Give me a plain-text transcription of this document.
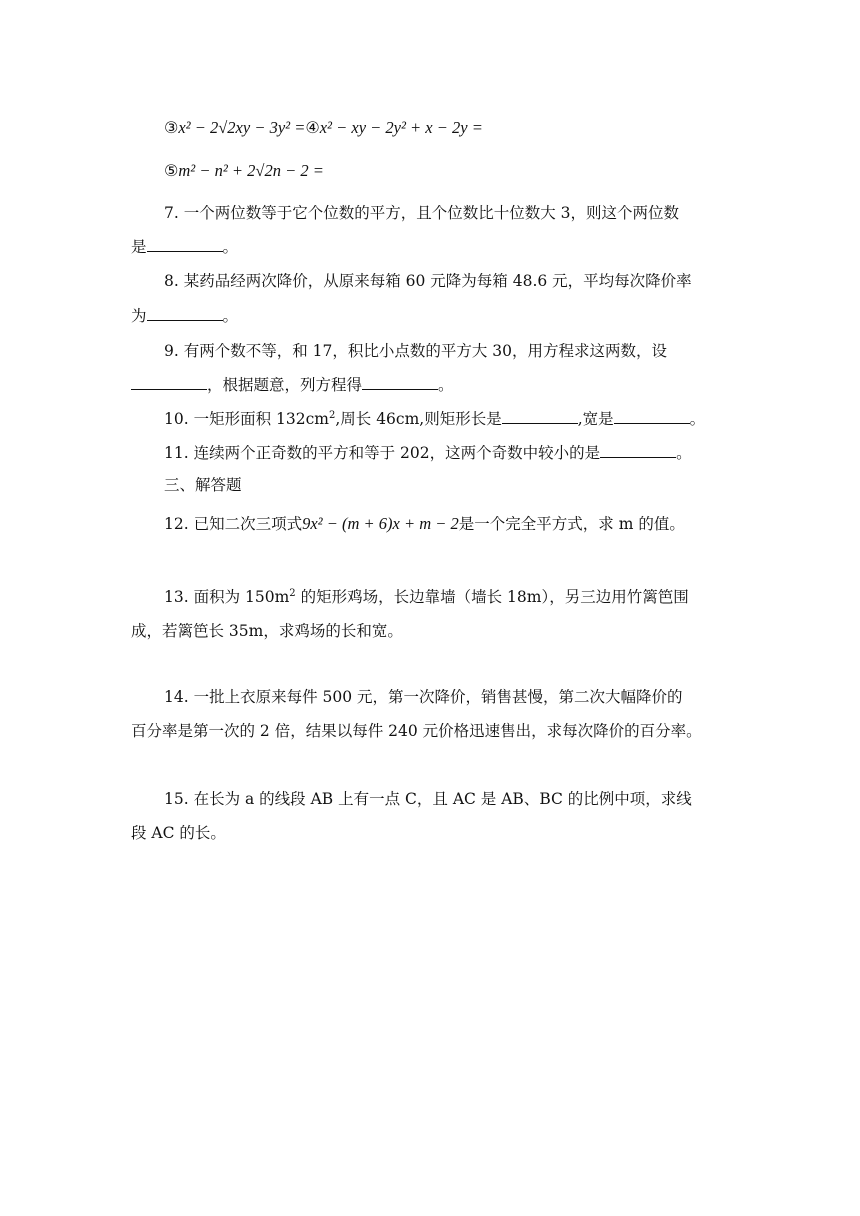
③x² − 2√2xy − 3y² =④x² − xy − 2y² + x − 2y =
⑤m² − n² + 2√2n − 2 =
7. 一个两位数等于它个位数的平方，且个位数比十位数大 3，则这个两位数
是	。
8. 某药品经两次降价，从原来每箱 60 元降为每箱 48.6 元，平均每次降价率
为	。
9. 有两个数不等，和 17，积比小点数的平方大 30，用方程求这两数，设
，根据题意，列方程得	。
10. 一矩形面积 $132cm^2$,周长 46cm,则矩形长是	,宽是	。
11. 连续两个正奇数的平方和等于 202，这两个奇数中较小的是	。
三、解答题
12. 已知二次三项式9x² − (m + 6)x + m − 2是一个完全平方式，求 m 的值。
13. 面积为 $150m^2$ 的矩形鸡场，长边靠墙（墙长 18m），另三边用竹篱笆围
成，若篱笆长 35m，求鸡场的长和宽。
14. 一批上衣原来每件 500 元，第一次降价，销售甚慢，第二次大幅降价的
百分率是第一次的 2 倍，结果以每件 240 元价格迅速售出，求每次降价的百分率。
15. 在长为 a 的线段 AB 上有一点 C，且 AC 是 AB、BC 的比例中项，求线
段 AC 的长。
